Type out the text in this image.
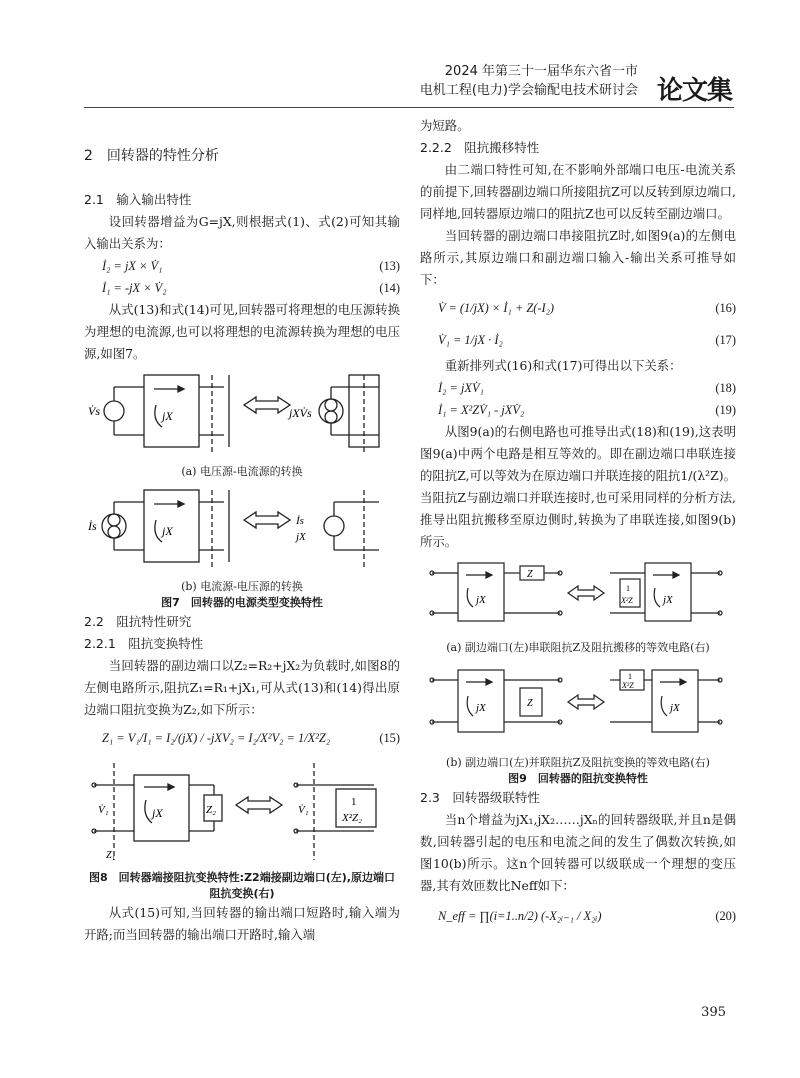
2024 年第三十一届华东六省一市
电机工程(电力)学会输配电技术研讨会 论文集
2　回转器的特性分析
2.1　输入输出特性

设回转器增益为G=jX,则根据式(1)、式(2)可知其输入输出关系为：

İ₂ = jX × V̇₁	(13)
İ₁ = -jX × V̇₂	(14)

从式(13)和式(14)可见,回转器可将理想的电压源转换为理想的电流源,也可以将理想的电流源转换为理想的电压源,如图7。

V̇s	jX	jXV̇s
(a) 电压源-电流源的转换
İs	jX
İs
jX
(b) 电流源-电压源的转换
图7　回转器的电源类型变换特性
2.2　阻抗特性研究
2.2.1　阻抗变换特性

当回转器的副边端口以Z₂=R₂+jX₂为负载时,如图8的左侧电路所示,阻抗Z₁=R₁+jX₁,可从式(13)和(14)得出原边端口阻抗变换为Z₂,如下所示：

Z₁ = V₁/I₁ = I₂/(jX) / -jXV₂ = I₂/X²V₂ = 1/X²Z₂	(15)
jX	Z₂
1
X²Z₂
V̇₁	V̇₁
Z₁
图8　回转器端接阻抗变换特性:Z2端接副边端口(左),原边端口阻抗变换(右)

从式(15)可知,当回转器的输出端口短路时,输入端为开路;而当回转器的输出端口开路时,输入端

为短路。

2.2.2　阻抗搬移特性

由二端口特性可知,在不影响外部端口电压-电流关系的前提下,回转器副边端口所接阻抗Z可以反转到原边端口,同样地,回转器原边端口的阻抗Z也可以反转至副边端口。

当回转器的副边端口串接阻抗Z时,如图9(a)的左侧电路所示,其原边端口和副边端口输入-输出关系可推导如下：

V̇ = (1/jX) × İ₁ + Z(-I₂)	(16)
V̇₁ = 1/jX · İ₂	(17)

重新排列式(16)和式(17)可得出以下关系：

İ₂ = jXV̇₁	(18)
İ₁ = X²ZV̇₁ - jXV̇₂	(19)

从图9(a)的右侧电路也可推导出式(18)和(19),这表明图9(a)中两个电路是相互等效的。即在副边端口串联连接的阻抗Z,可以等效为在原边端口并联连接的阻抗1/(λ²Z)。当阻抗Z与副边端口并联连接时,也可采用同样的分析方法,推导出阻抗搬移至原边侧时,转换为了串联连接,如图9(b)所示。

jX
Z
jX
1
X²Z
(a) 副边端口(左)串联阻抗Z及阻抗搬移的等效电路(右)
jX	Z	jX
1
X²Z
(b) 副边端口(左)并联阻抗Z及阻抗变换的等效电路(右)
图9　回转器的阻抗变换特性
2.3　回转器级联特性

当n个增益为jX₁,jX₂……jXₙ的回转器级联,并且n是偶数,回转器引起的电压和电流之间的发生了偶数次转换,如图10(b)所示。这n个回转器可以级联成一个理想的变压器,其有效匝数比Neff如下：

N_eff = ∏(i=1..n/2) (-X₂ᵢ₋₁ / X₂ᵢ)	(20)
395
